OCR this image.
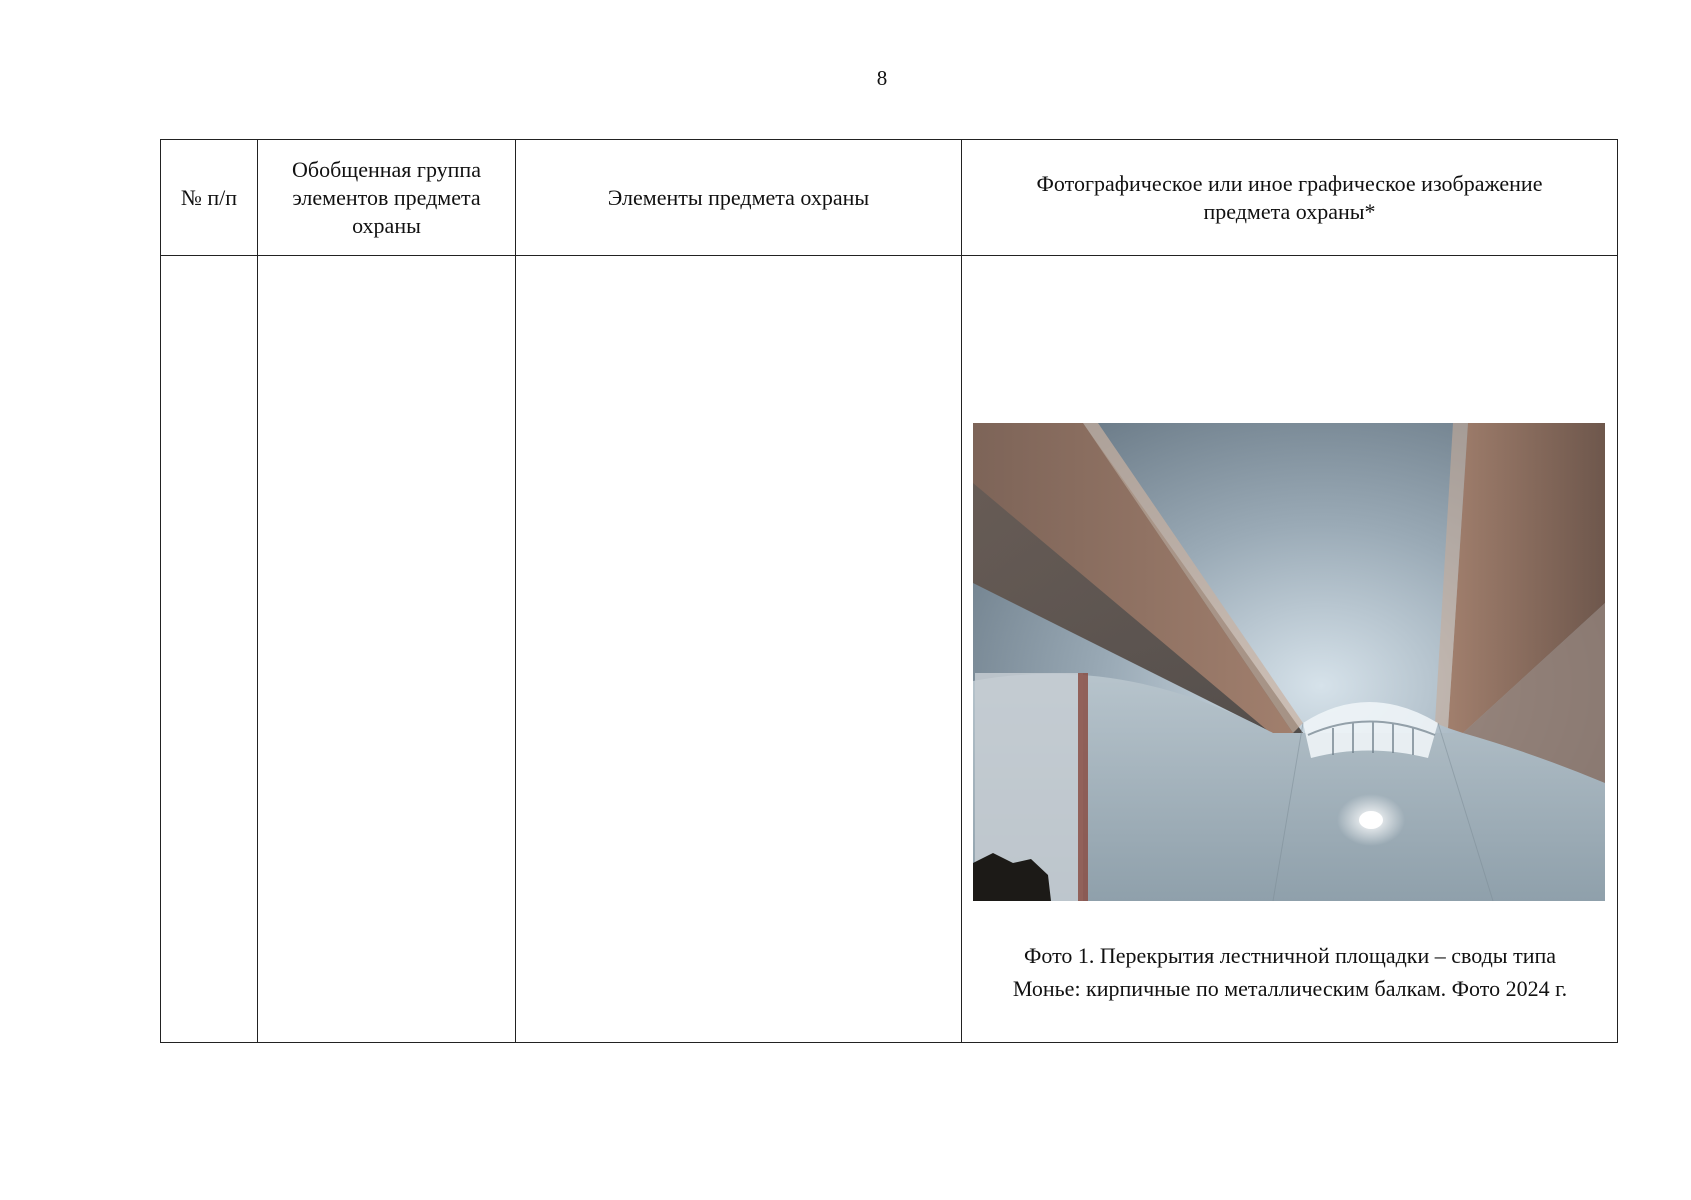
8
№ п/п	Обобщенная группа элементов предмета охраны	Элементы предмета охраны	Фотографическое или иное графическое изображение предмета охраны*

			Фото 1. Перекрытия лестничной площадки – своды типа
Монье: кирпичные по металлическим балкам. Фото 2024 г.
